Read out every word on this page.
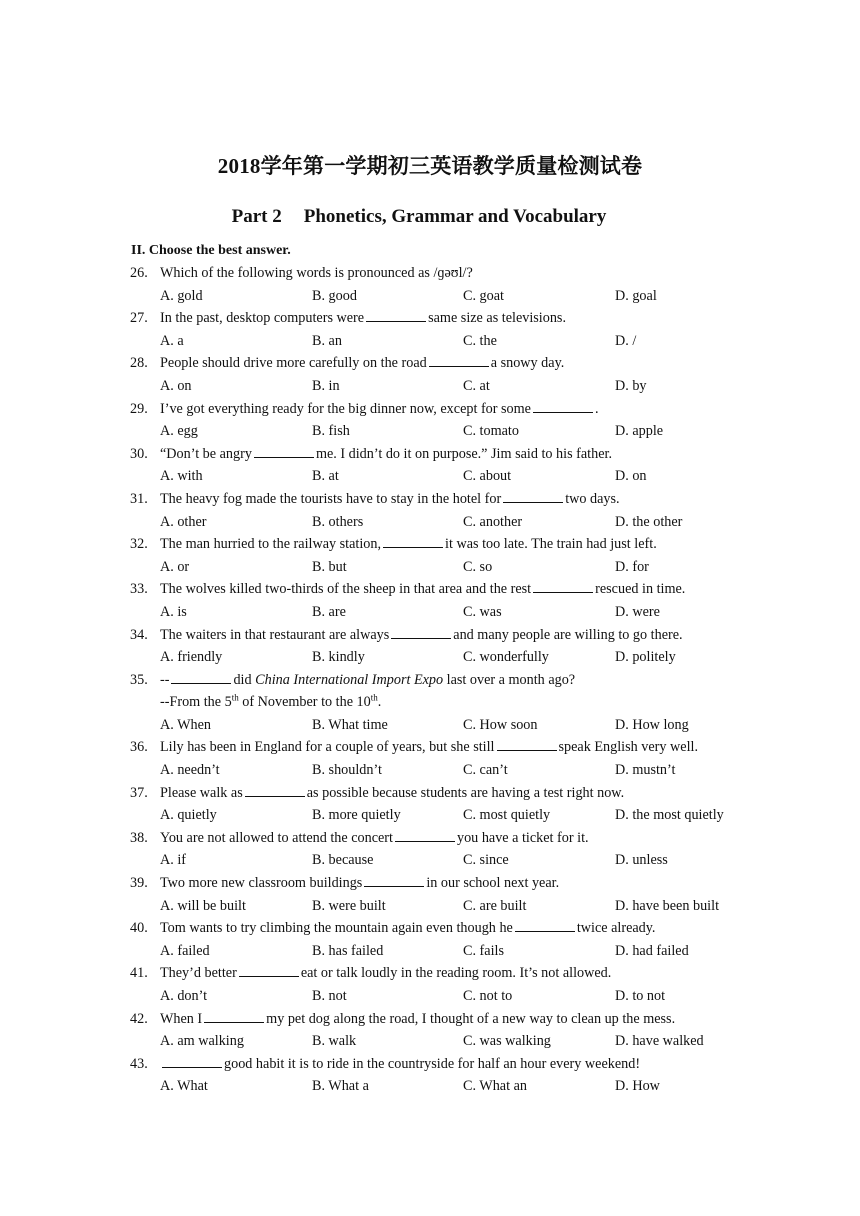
2018学年第一学期初三英语教学质量检测试卷
Part 2 Phonetics, Grammar and Vocabulary
II. Choose the best answer.
26. Which of the following words is pronounced as /ɡəʊl/?
A. gold	B. good	C. goat	D. goal
27. In the past, desktop computers were	same size as televisions.
A. a	B. an	C. the	D. /
28. People should drive more carefully on the road	a snowy day.
A. on	B. in	C. at	D. by
29. I’ve got everything ready for the big dinner now, except for some	.
A. egg	B. fish	C. tomato	D. apple
30. “Don’t be angry	me. I didn’t do it on purpose.” Jim said to his father.
A. with	B. at	C. about	D. on
31. The heavy fog made the tourists have to stay in the hotel for	two days.
A. other	B. others	C. another	D. the other
32. The man hurried to the railway station,	it was too late. The train had just left.
A. or	B. but	C. so	D. for
33. The wolves killed two-thirds of the sheep in that area and the rest	rescued in time.
A. is	B. are	C. was	D. were
34. The waiters in that restaurant are always	and many people are willing to go there.
A. friendly	B. kindly	C. wonderfully	D. politely
35. --	did China International Import Expo last over a month ago?
--From the 5th of November to the 10th.
A. When	B. What time	C. How soon	D. How long
36. Lily has been in England for a couple of years, but she still	speak English very well.
A. needn’t	B. shouldn’t	C. can’t	D. mustn’t
37. Please walk as	as possible because students are having a test right now.
A. quietly	B. more quietly	C. most quietly	D. the most quietly
38. You are not allowed to attend the concert	you have a ticket for it.
A. if	B. because	C. since	D. unless
39. Two more new classroom buildings	in our school next year.
A. will be built	B. were built	C. are built	D. have been built
40. Tom wants to try climbing the mountain again even though he	twice already.
A. failed	B. has failed	C. fails	D. had failed
41. They’d better	eat or talk loudly in the reading room. It’s not allowed.
A. don’t	B. not	C. not to	D. to not
42. When I	my pet dog along the road, I thought of a new way to clean up the mess.
A. am walking	B. walk	C. was walking	D. have walked
43.	good habit it is to ride in the countryside for half an hour every weekend!
A. What	B. What a	C. What an	D. How
